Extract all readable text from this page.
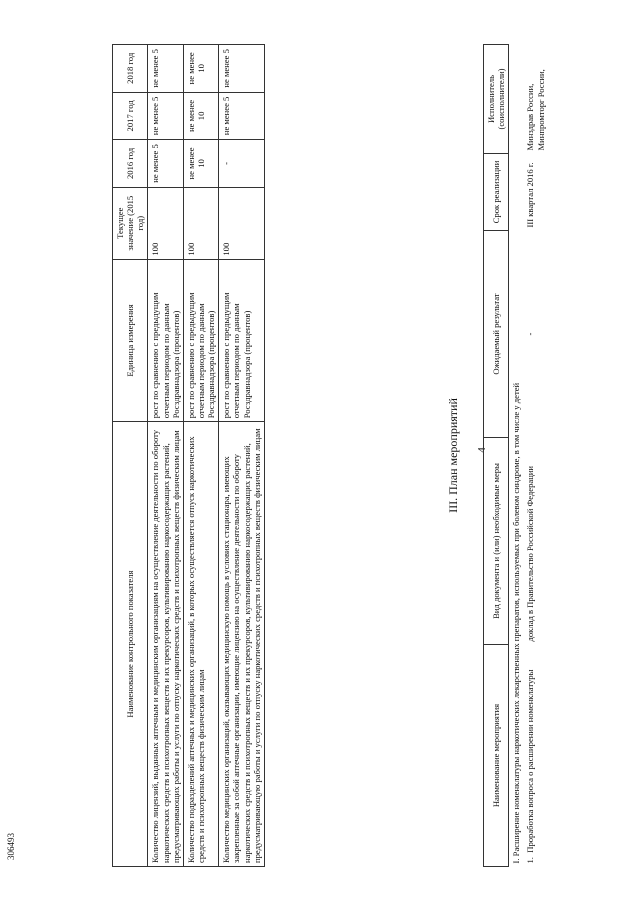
4
306493
Наименование контрольного показателя	Единица измерения	Текущее значение (2015 год)	2016 год	2017 год	2018 год
Количество лицензий, выданных аптечным и медицинским организациям на осуществление деятельности по обороту наркотических средств и психотропных веществ и их прекурсоров, культивированию наркосодержащих растений, предусматривающих работы и услуги по отпуску наркотических средств и психотропных веществ физическим лицам	рост по сравнению с предыдущим отчетным периодом по данным Росздравнадзора (процентов)	100	не менее 5	не менее 5	не менее 5
Количество подразделений аптечных и медицинских организаций, в которых осуществляется отпуск наркотических средств и психотропных веществ физическим лицам	рост по сравнению с предыдущим отчетным периодом по данным Росздравнадзора (процентов)	100	не менее 10	не менее 10	не менее 10
Количество медицинских организаций, оказывающих медицинскую помощь в условиях стационара, имеющих закрепленные за собой аптечные организации, имеющие лицензию на осуществление деятельности по обороту наркотических средств и психотропных веществ и их прекурсоров, культивированию наркосодержащих растений, предусматривающую работы и услуги по отпуску наркотических средств и психотропных веществ физическим лицам	рост по сравнению с предыдущим отчетным периодом по данным Росздравнадзора (процентов)	100	-	не менее 5	не менее 5
III. План мероприятий
Наименование мероприятия	Вид документа и (или) необходимые меры	Ожидаемый результат	Срок реализации	Исполнитель (соисполнители)
I. Расширение номенклатуры наркотических лекарственных препаратов, используемых при болевом синдроме, в том числе у детей				
1.  Проработка вопроса о расширении номенклатуры	доклад в Правительство Российской Федерации	-	III квартал 2016 г.	Минздрав России, Минпромторг России,
